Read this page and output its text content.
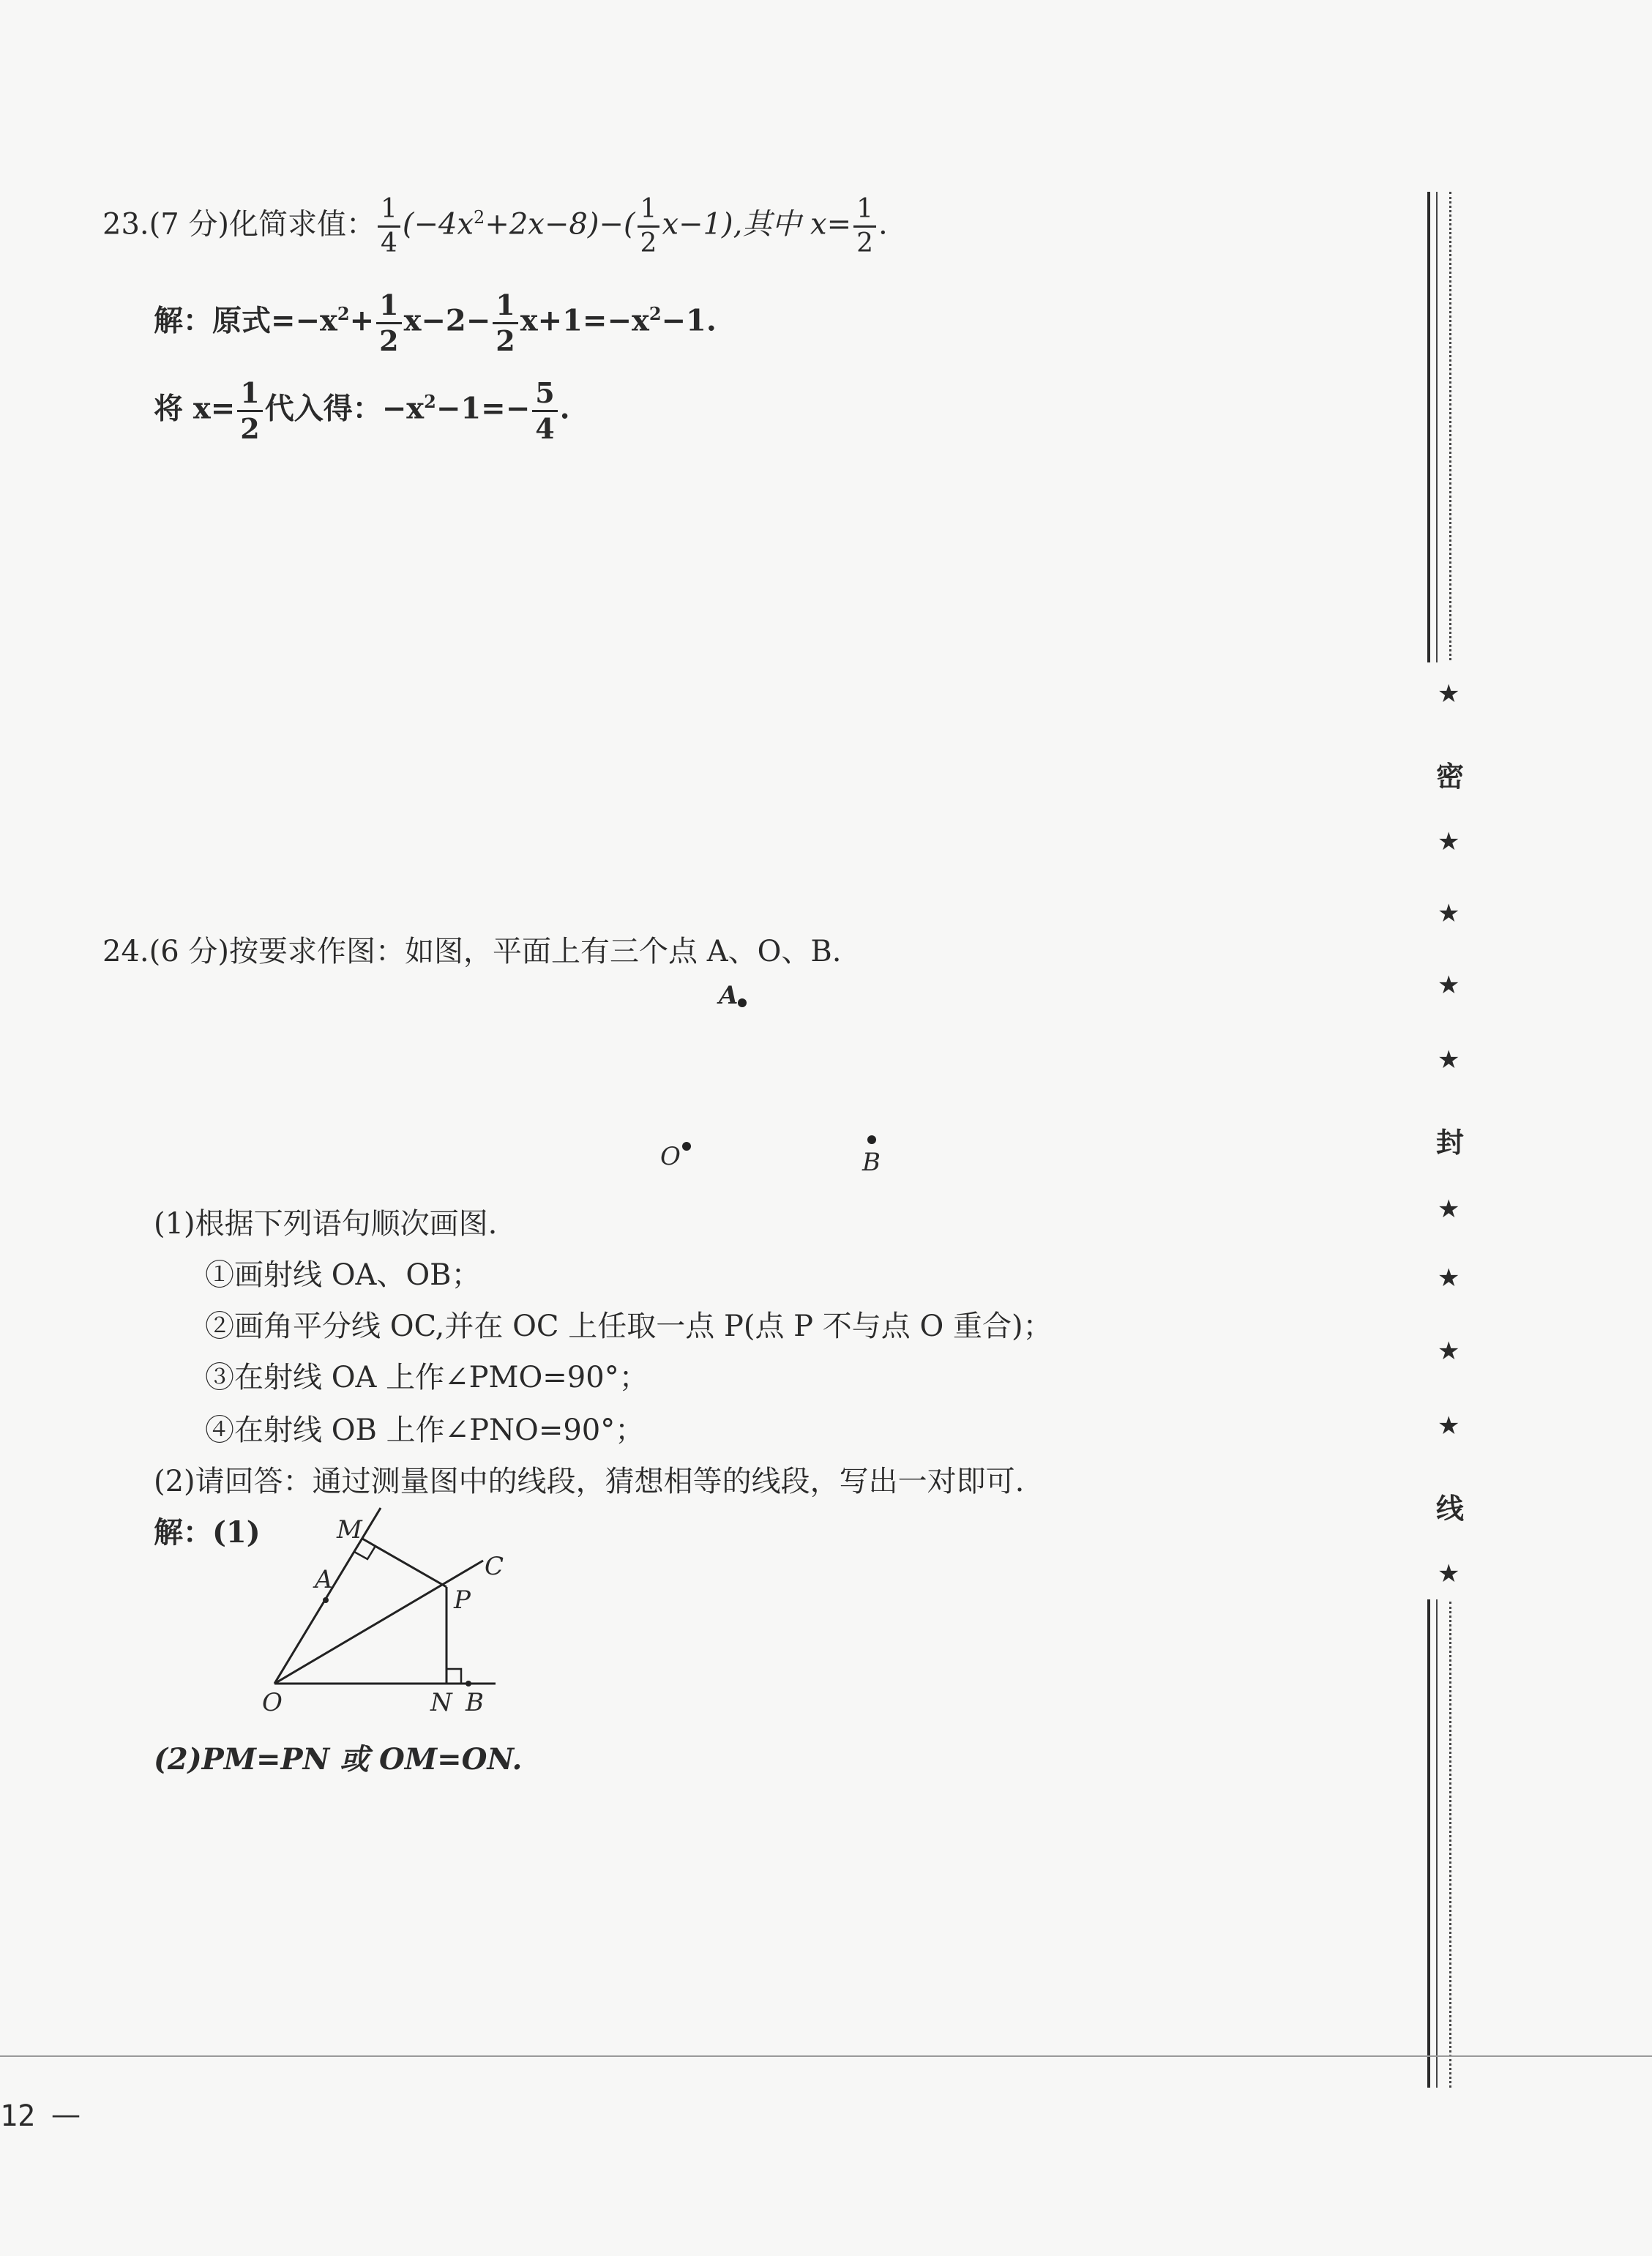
23.(7 分)化简求值： $\frac{1}{4} (-4x^2+2x-8)-( \frac{1}{2} x-1)$,其中 $x= \frac{1}{2}$ .
解：原式$=-x^2+ \frac{1}{2} x-2- \frac{1}{2} x+1=-x^2-1$.
将 $x= \frac{1}{2}$ 代入得：$-x^2-1=- \frac{5}{4}$ .
24.(6 分)按要求作图：如图，平面上有三个点 A、O、B.
A
O	B
(1)根据下列语句顺次画图.
①画射线 OA、OB；
②画角平分线 OC,并在 OC 上任取一点 P(点 P 不与点 O 重合)；
③在射线 OA 上作∠PMO=90°；
④在射线 OB 上作∠PNO=90°；
(2)请回答：通过测量图中的线段，猜想相等的线段，写出一对即可.
解：(1)	M
A	C
P
O	N B
(2)PM=PN 或 OM=ON.
★
密
★
★
★
★
封
★
★
★
★
线
★
12 —
